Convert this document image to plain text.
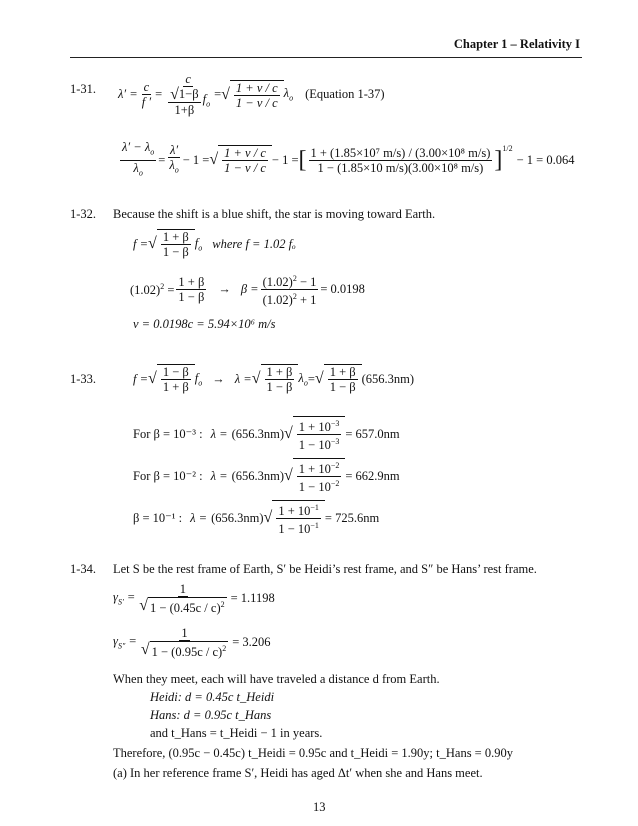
Chapter 1 – Relativity I
1-31. $\lambda' = \frac{c}{f '} = \frac{c}{\frac{√1-\beta}{1+\beta} f_o}$ = √ $\frac{1 + v / c}{1 - v / c} \lambda_o$ (Equation 1-37)
$\frac{\lambda' - \lambda_o}{\lambda_o} = \frac{\lambda'}{\lambda_o} - 1$ = √ $\frac{1 + v / c}{1 - v / c} - 1$ = [ $\frac{\text{1 + (1.85×10⁷ m/s) / (3.00×10⁸ m/s)}}{\text{1 − (1.85×10 m/s)(3.00×10⁸ m/s)}} ]^{1/2}$
− 1 = 0.064
1-32. Because the shift is a blue shift, the star is moving toward Earth.
f = √ $\frac{1 + \beta}{1 - \beta} f_o$ where f = 1.02 fₒ
$(1.02)^2 = \frac{1 + \beta}{1 - \beta} \to \beta = \frac{(1.02)^2 - 1}{(1.02)^2 + 1} = 0.0198$
v = 0.0198c = 5.94×10⁶ m/s
1-33.	f = √ $\frac{1 - \beta}{1 + \beta} f_o \to \lambda$ = √ $\frac{1 + \beta}{1 - \beta} \lambda_o$ = √ $\frac{1 + \beta}{1 - \beta} (656.3nm)$
For β = 10⁻³ : λ = (656.3nm) √ $\frac{1 + 10^{-3}}{1 - 10^{-3}} = 657.0nm$
For β = 10⁻² : λ = (656.3nm) √ $\frac{1 + 10^{-2}}{1 - 10^{-2}} = 662.9nm$
β = 10⁻¹ : λ = (656.3nm) √ $\frac{1 + 10^{-1}}{1 - 10^{-1}} = 725.6nm$
1-34. Let S be the rest frame of Earth, S′ be Heidi’s rest frame, and S″ be Hans’ rest frame.
$\gamma_{S'} = \frac{1}{√ 1 - (0.45c / c)^2} = 1.1198$
$\gamma_{S''} = \frac{1}{√ 1 - (0.95c / c)^2} = 3.206$
When they meet, each will have traveled a distance d from Earth.
Heidi: d = 0.45c t_Heidi
Hans: d = 0.95c t_Hans
and t_Hans = t_Heidi − 1 in years.
Therefore, (0.95c − 0.45c) t_Heidi = 0.95c and t_Heidi = 1.90y; t_Hans = 0.90y
(a) In her reference frame S′, Heidi has aged Δt′ when she and Hans meet.
13
